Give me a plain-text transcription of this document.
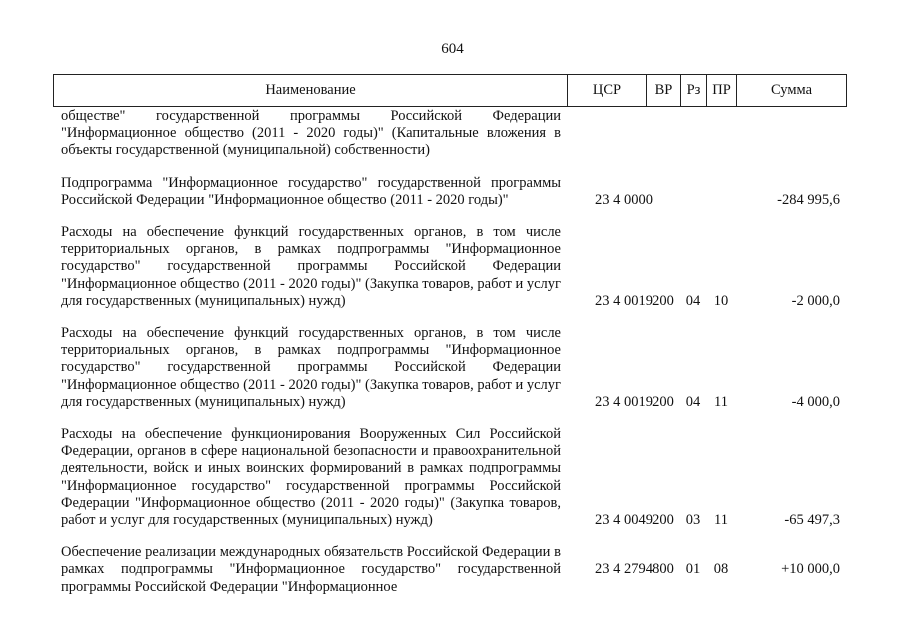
604
Наименование	ЦСР	ВР	Рз	ПР	Сумма
обществе" государственной программы Российской Федерации "Информационное общество (2011 - 2020 годы)" (Капитальные вложения в объекты государственной (муниципальной) собственности)					

Подпрограмма "Информационное государство" государственной программы Российской Федерации "Информационное общество (2011 - 2020 годы)"	23 4 0000				-284 995,6

Расходы на обеспечение функций государственных органов, в том числе территориальных органов, в рамках подпрограммы "Информационное государство" государственной программы Российской Федерации "Информационное общество (2011 - 2020 годы)" (Закупка товаров, работ и услуг для государственных (муниципальных) нужд)	23 4 0019	200	04	10	-2 000,0

Расходы на обеспечение функций государственных органов, в том числе территориальных органов, в рамках подпрограммы "Информационное государство" государственной программы Российской Федерации "Информационное общество (2011 - 2020 годы)" (Закупка товаров, работ и услуг для государственных (муниципальных) нужд)	23 4 0019	200	04	11	-4 000,0

Расходы на обеспечение функционирования Вооруженных Сил Российской Федерации, органов в сфере национальной безопасности и правоохранительной деятельности, войск и иных воинских формирований в рамках подпрограммы "Информационное государство" государственной программы Российской Федерации "Информационное общество (2011 - 2020 годы)" (Закупка товаров, работ и услуг для государственных (муниципальных) нужд)	23 4 0049	200	03	11	-65 497,3

Обеспечение реализации международных обязательств Российской Федерации в рамках подпрограммы "Информационное государство" государственной программы Российской Федерации "Информационное	23 4 2794	800	01	08	+10 000,0
